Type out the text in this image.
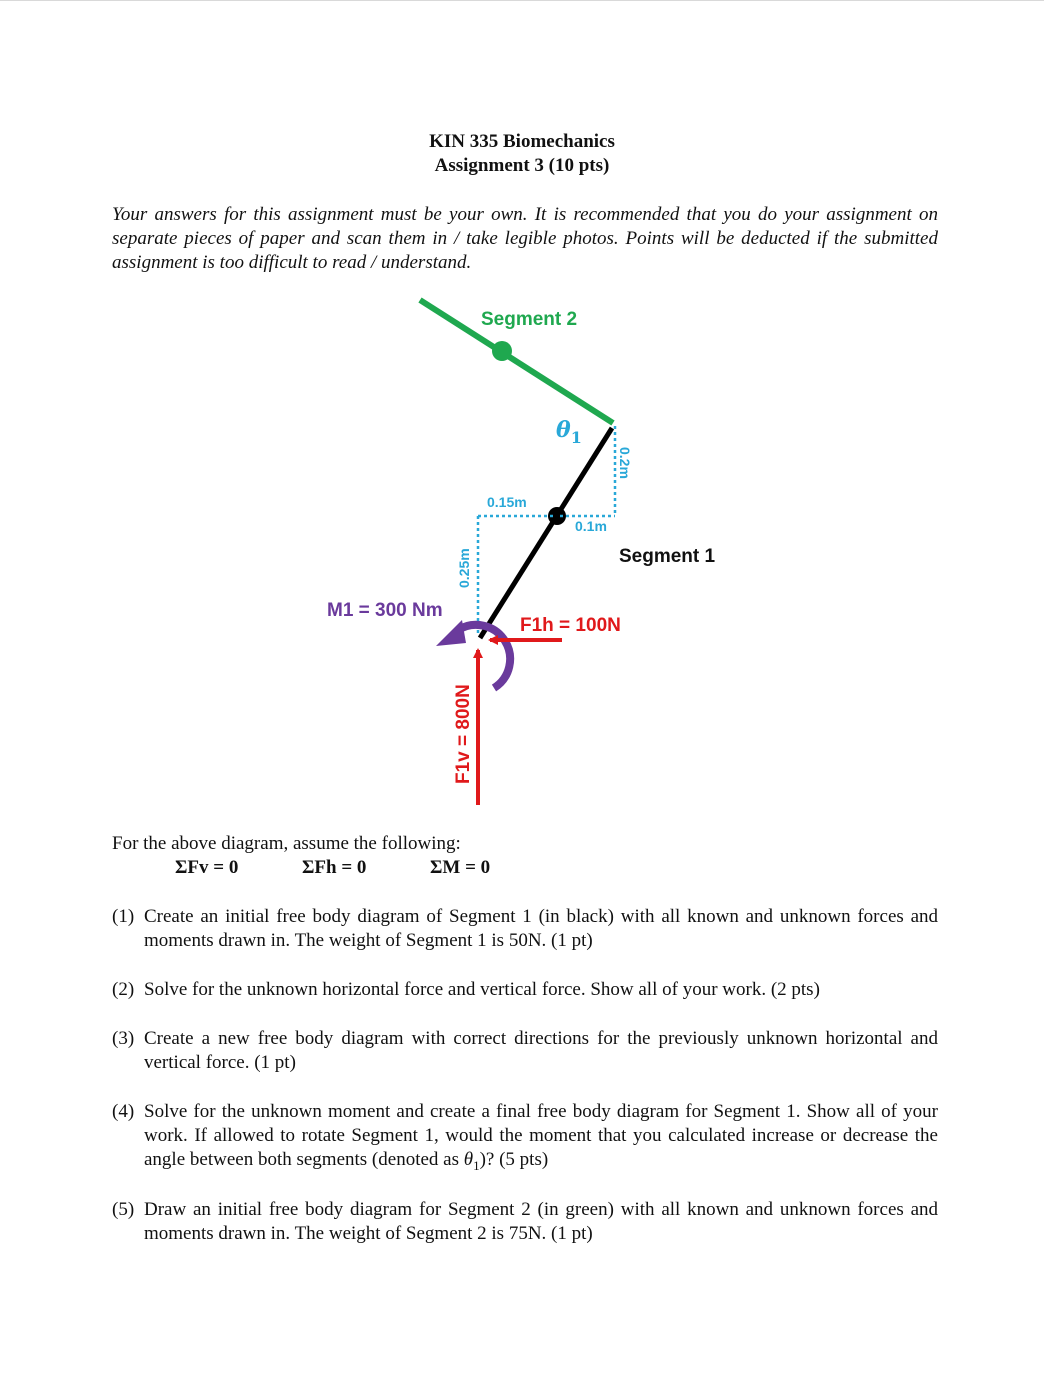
KIN 335 Biomechanics
Assignment 3 (10 pts)
Your answers for this assignment must be your own. It is recommended that you do your assignment on separate pieces of paper and scan them in / take legible photos. Points will be deducted if the submitted assignment is too difficult to read / understand.
Segment 2
Segment 1
$\theta_1$
0.2m
0.15m
0.1m
0.25m
M1 = 300 Nm
F1h = 100N
F1v = 800N
For the above diagram, assume the following:
ΣFv = 0	ΣFh = 0	ΣM = 0
(1) Create an initial free body diagram of Segment 1 (in black) with all known and unknown forces and moments drawn in. The weight of Segment 1 is 50N. (1 pt)
(2) Solve for the unknown horizontal force and vertical force. Show all of your work. (2 pts)
(3) Create a new free body diagram with correct directions for the previously unknown horizontal and vertical force. (1 pt)
(4) Solve for the unknown moment and create a final free body diagram for Segment 1. Show all of your work. If allowed to rotate Segment 1, would the moment that you calculated increase or decrease the angle between both segments (denoted as $\theta_1$)? (5 pts)
(5) Draw an initial free body diagram for Segment 2 (in green) with all known and unknown forces and moments drawn in. The weight of Segment 2 is 75N. (1 pt)
